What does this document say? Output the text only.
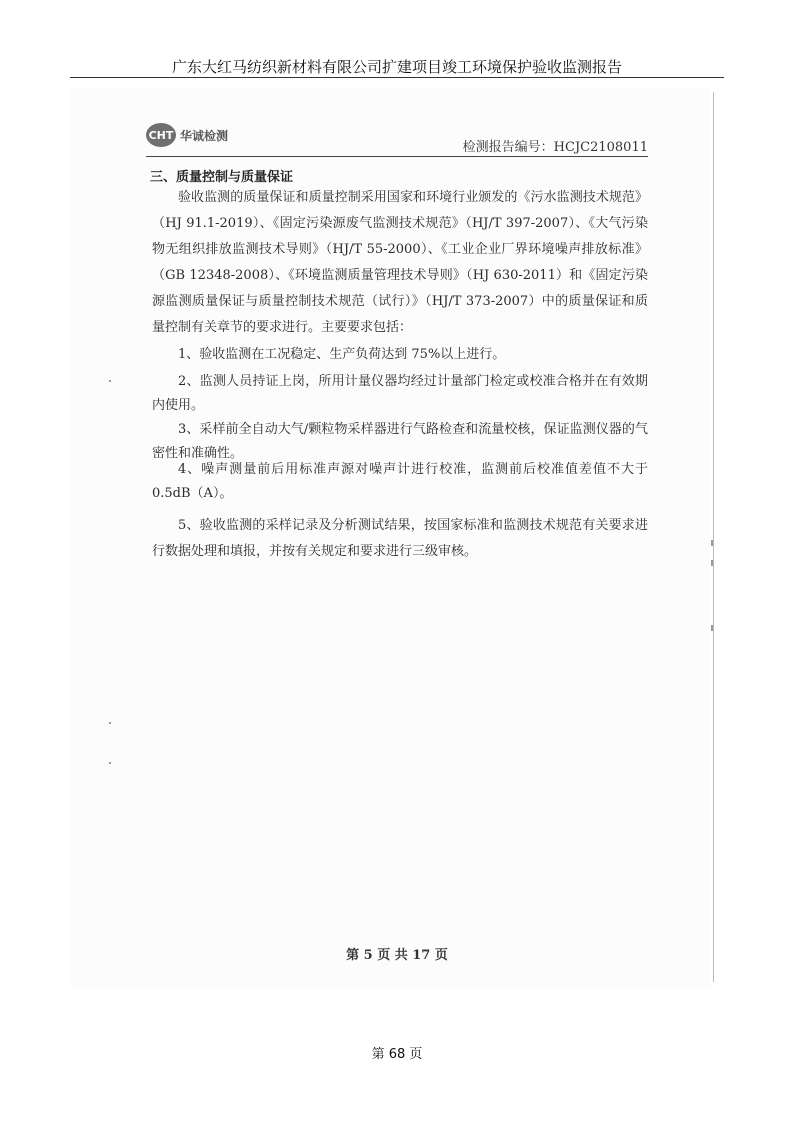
广东大红马纺织新材料有限公司扩建项目竣工环境保护验收监测报告
CHT 华诚检测
检测报告编号：HCJC2108011
三、质量控制与质量保证
验收监测的质量保证和质量控制采用国家和环境行业颁发的《污水监测技术规范》（HJ 91.1-2019）、《固定污染源废气监测技术规范》（HJ/T 397-2007）、《大气污染物无组织排放监测技术导则》（HJ/T 55-2000）、《工业企业厂界环境噪声排放标准》（GB 12348-2008）、《环境监测质量管理技术导则》（HJ 630-2011）和《固定污染源监测质量保证与质量控制技术规范（试行）》（HJ/T 373-2007）中的质量保证和质量控制有关章节的要求进行。主要要求包括：
1、验收监测在工况稳定、生产负荷达到 75%以上进行。
2、监测人员持证上岗，所用计量仪器均经过计量部门检定或校准合格并在有效期内使用。
3、采样前全自动大气/颗粒物采样器进行气路检查和流量校核，保证监测仪器的气密性和准确性。
4、噪声测量前后用标准声源对噪声计进行校准，监测前后校准值差值不大于 0.5dB（A）。
5、验收监测的采样记录及分析测试结果，按国家标准和监测技术规范有关要求进行数据处理和填报，并按有关规定和要求进行三级审核。
第 5 页 共 17 页
第 68 页
